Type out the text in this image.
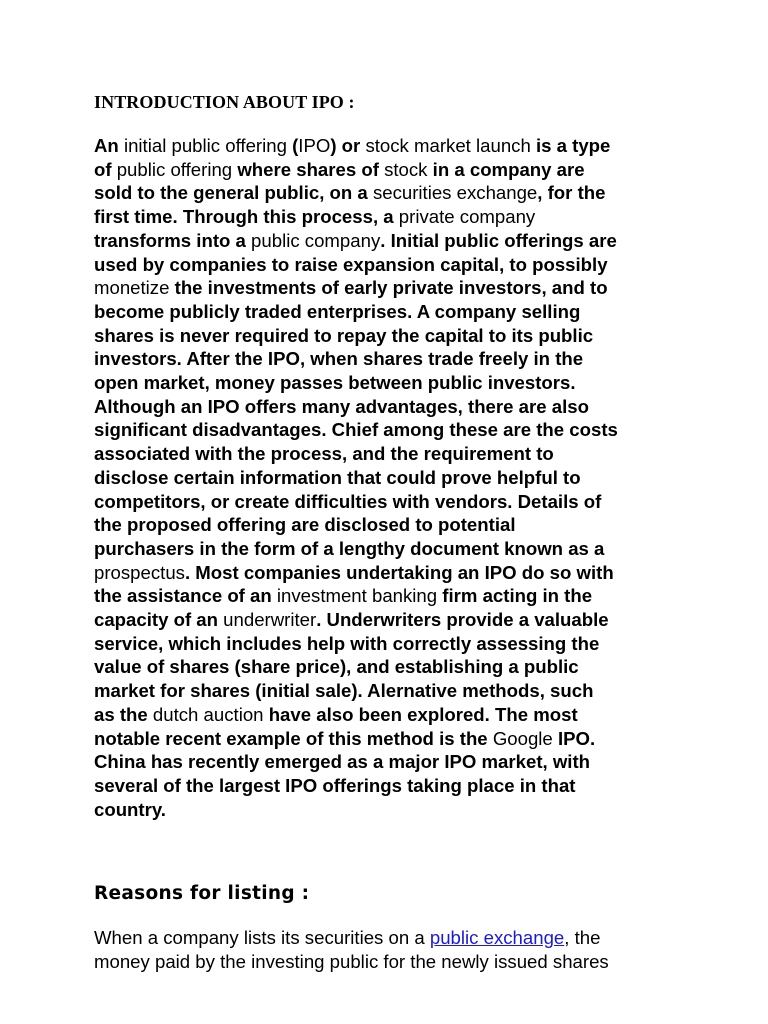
INTRODUCTION ABOUT IPO :
An initial public offering (IPO) or stock market launch is a type
of public offering where shares of stock in a company are
sold to the general public, on a securities exchange, for the
first time. Through this process, a private company
transforms into a public company. Initial public offerings are
used by companies to raise expansion capital, to possibly
monetize the investments of early private investors, and to
become publicly traded enterprises. A company selling
shares is never required to repay the capital to its public
investors. After the IPO, when shares trade freely in the
open market, money passes between public investors.
Although an IPO offers many advantages, there are also
significant disadvantages. Chief among these are the costs
associated with the process, and the requirement to
disclose certain information that could prove helpful to
competitors, or create difficulties with vendors. Details of
the proposed offering are disclosed to potential
purchasers in the form of a lengthy document known as a
prospectus. Most companies undertaking an IPO do so with
the assistance of an investment banking firm acting in the
capacity of an underwriter. Underwriters provide a valuable
service, which includes help with correctly assessing the
value of shares (share price), and establishing a public
market for shares (initial sale). Alernative methods, such
as the dutch auction have also been explored. The most
notable recent example of this method is the Google IPO.
China has recently emerged as a major IPO market, with
several of the largest IPO offerings taking place in that
country.
Reasons for listing :
When a company lists its securities on a public exchange, the
money paid by the investing public for the newly issued shares
